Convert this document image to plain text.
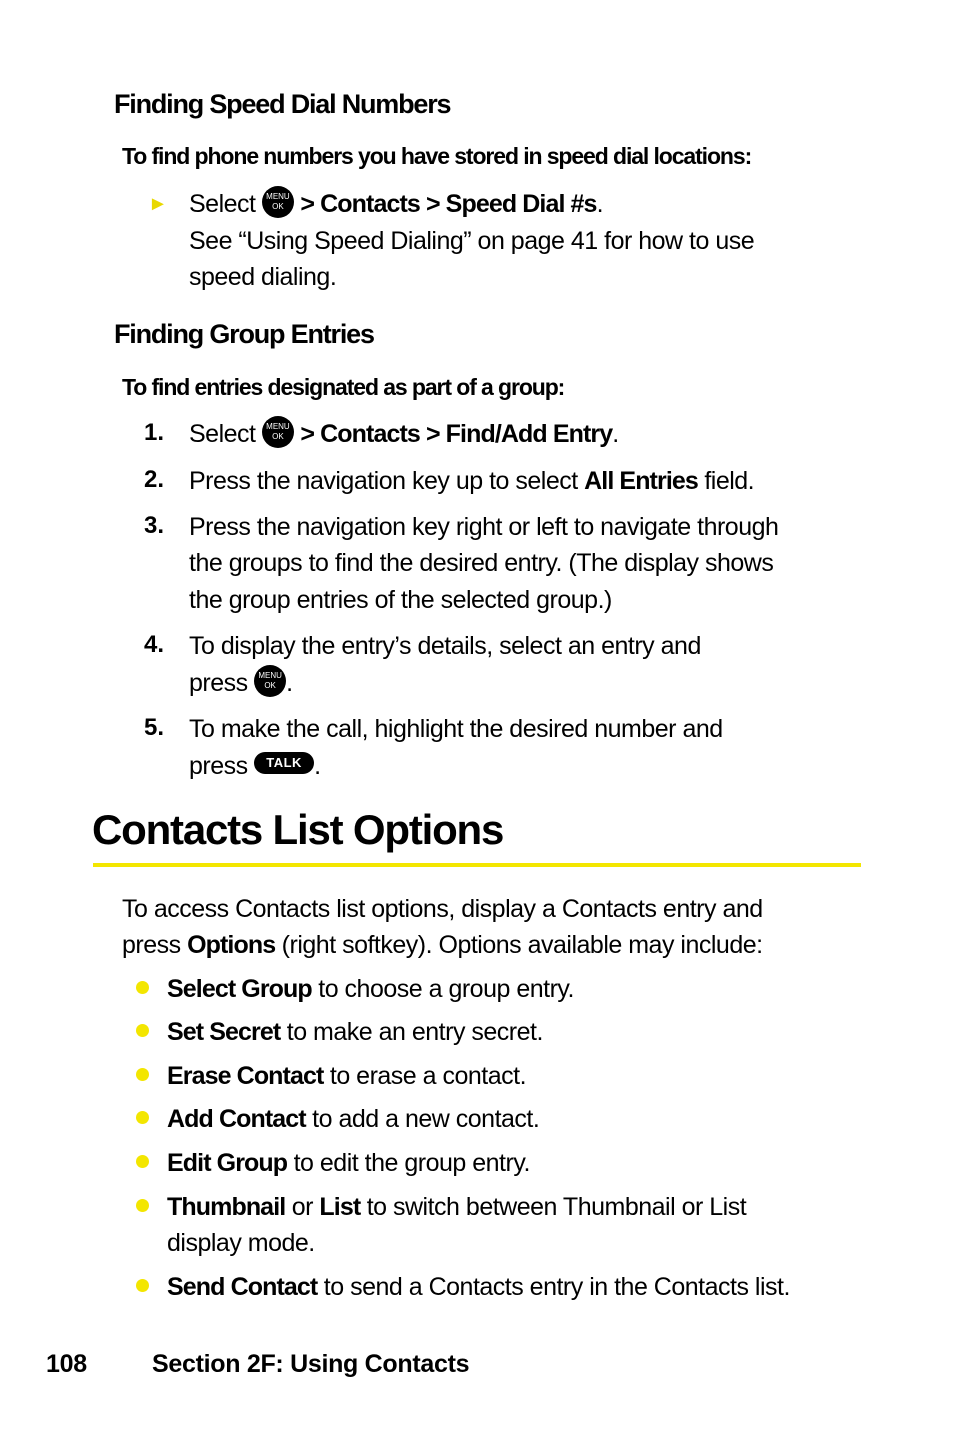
Finding Speed Dial Numbers
To find phone numbers you have stored in speed dial locations:
► Select	MENU
OK > Contacts > Speed Dial #s.
See “Using Speed Dialing” on page 41 for how to use
speed dialing.
Finding Group Entries
To find entries designated as part of a group:
1. Select	MENU
OK > Contacts > Find/Add Entry.
2. Press the navigation key up to select All Entries field.
3. Press the navigation key right or left to navigate through
the groups to find the desired entry. (The display shows
the group entries of the selected group.)
4. To display the entry’s details, select an entry and
press	MENU
OK .
5. To make the call, highlight the desired number and
press TALK .
Contacts List Options
To access Contacts list options, display a Contacts entry and
press Options (right softkey). Options available may include:
Select Group to choose a group entry.
Set Secret to make an entry secret.
Erase Contact to erase a contact.
Add Contact to add a new contact.
Edit Group to edit the group entry.
Thumbnail or List to switch between Thumbnail or List
display mode.
Send Contact to send a Contacts entry in the Contacts list.
108	Section 2F: Using Contacts
